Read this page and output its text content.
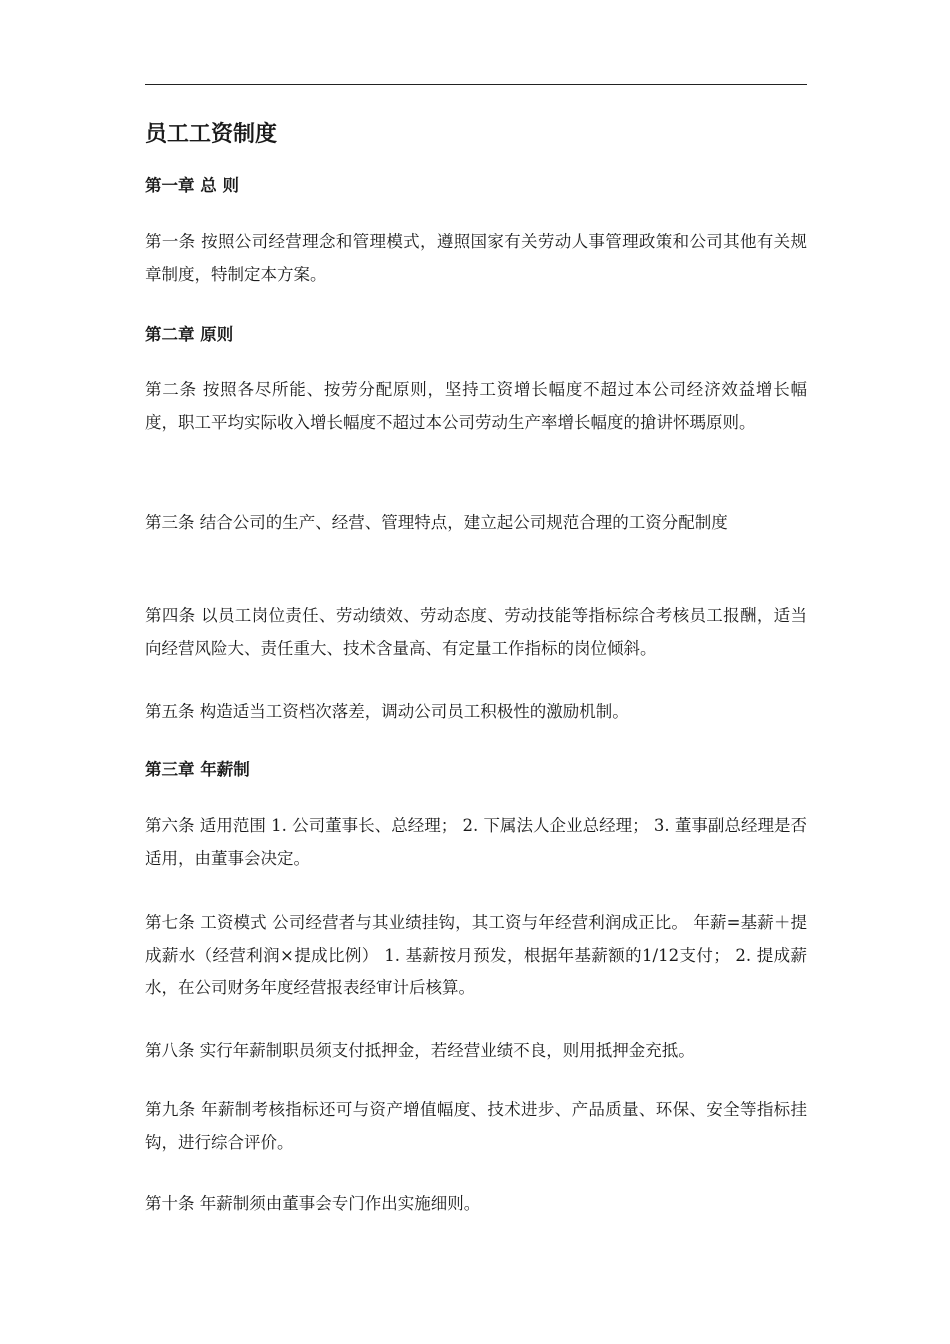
员工工资制度
第一章 总 则

第一条 按照公司经营理念和管理模式，遵照国家有关劳动人事管理政策和公司其他有关规章制度，特制定本方案。

第二章 原则

第二条 按照各尽所能、按劳分配原则，坚持工资增长幅度不超过本公司经济效益增长幅度，职工平均实际收入增长幅度不超过本公司劳动生产率增长幅度的搶讲怀瑪原则。

第三条 结合公司的生产、经营、管理特点，建立起公司规范合理的工资分配制度

第四条 以员工岗位责任、劳动绩效、劳动态度、劳动技能等指标综合考核员工报酬，适当向经营风险大、责任重大、技术含量高、有定量工作指标的岗位倾斜。

第五条 构造适当工资档次落差，调动公司员工积极性的激励机制。

第三章 年薪制

第六条 适用范围 1. 公司董事长、总经理； 2. 下属法人企业总经理； 3. 董事副总经理是否适用，由董事会决定。

第七条 工资模式 公司经营者与其业绩挂钩，其工资与年经营利润成正比。 年薪=基薪＋提成薪水（经营利润×提成比例） 1. 基薪按月预发，根据年基薪额的1/12支付； 2. 提成薪水，在公司财务年度经营报表经审计后核算。

第八条 实行年薪制职员须支付抵押金，若经营业绩不良，则用抵押金充抵。

第九条 年薪制考核指标还可与资产增值幅度、技术进步、产品质量、环保、安全等指标挂钩，进行综合评价。

第十条 年薪制须由董事会专门作出实施细则。
